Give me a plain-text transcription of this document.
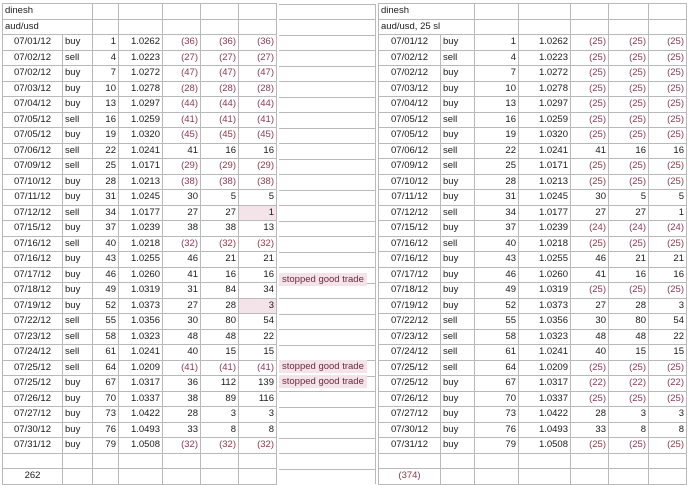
dinesh						
aud/usd						
07/01/12	buy	1	1.0262	(36)	(36)	(36)
07/02/12	sell	4	1.0223	(27)	(27)	(27)
07/02/12	buy	7	1.0272	(47)	(47)	(47)
07/03/12	buy	10	1.0278	(28)	(28)	(28)
07/04/12	buy	13	1.0297	(44)	(44)	(44)
07/05/12	sell	16	1.0259	(41)	(41)	(41)
07/05/12	buy	19	1.0320	(45)	(45)	(45)
07/06/12	sell	22	1.0241	41	16	16
07/09/12	sell	25	1.0171	(29)	(29)	(29)
07/10/12	buy	28	1.0213	(38)	(38)	(38)
07/11/12	buy	31	1.0245	30	5	5
07/12/12	sell	34	1.0177	27	27	1
07/15/12	buy	37	1.0239	38	38	13
07/16/12	sell	40	1.0218	(32)	(32)	(32)
07/16/12	buy	43	1.0255	46	21	21
07/17/12	buy	46	1.0260	41	16	16
07/18/12	buy	49	1.0319	31	84	34
07/19/12	buy	52	1.0373	27	28	3
07/22/12	sell	55	1.0356	30	80	54
07/23/12	sell	58	1.0323	48	48	22
07/24/12	sell	61	1.0241	40	15	15
07/25/12	sell	64	1.0209	(41)	(41)	(41)
07/25/12	buy	67	1.0317	36	112	139
07/26/12	buy	70	1.0337	38	89	116
07/27/12	buy	73	1.0422	28	3	3
07/30/12	buy	76	1.0493	33	8	8
07/31/12	buy	79	1.0508	(32)	(32)	(32)

262						
dinesh						
aud/usd, 25 sl						
07/01/12	buy	1	1.0262	(25)	(25)	(25)
07/02/12	sell	4	1.0223	(25)	(25)	(25)
07/02/12	buy	7	1.0272	(25)	(25)	(25)
07/03/12	buy	10	1.0278	(25)	(25)	(25)
07/04/12	buy	13	1.0297	(25)	(25)	(25)
07/05/12	sell	16	1.0259	(25)	(25)	(25)
07/05/12	buy	19	1.0320	(25)	(25)	(25)
07/06/12	sell	22	1.0241	41	16	16
07/09/12	sell	25	1.0171	(25)	(25)	(25)
07/10/12	buy	28	1.0213	(25)	(25)	(25)
07/11/12	buy	31	1.0245	30	5	5
07/12/12	sell	34	1.0177	27	27	1
07/15/12	buy	37	1.0239	(24)	(24)	(24)
07/16/12	sell	40	1.0218	(25)	(25)	(25)
07/16/12	buy	43	1.0255	46	21	21
07/17/12	buy	46	1.0260	41	16	16
07/18/12	buy	49	1.0319	(25)	(25)	(25)
07/19/12	buy	52	1.0373	27	28	3
07/22/12	sell	55	1.0356	30	80	54
07/23/12	sell	58	1.0323	48	48	22
07/24/12	sell	61	1.0241	40	15	15
07/25/12	sell	64	1.0209	(25)	(25)	(25)
07/25/12	buy	67	1.0317	(22)	(22)	(22)
07/26/12	buy	70	1.0337	(25)	(25)	(25)
07/27/12	buy	73	1.0422	28	3	3
07/30/12	buy	76	1.0493	33	8	8
07/31/12	buy	79	1.0508	(25)	(25)	(25)

(374)						
stopped good trade
stopped good trade
stopped good trade
